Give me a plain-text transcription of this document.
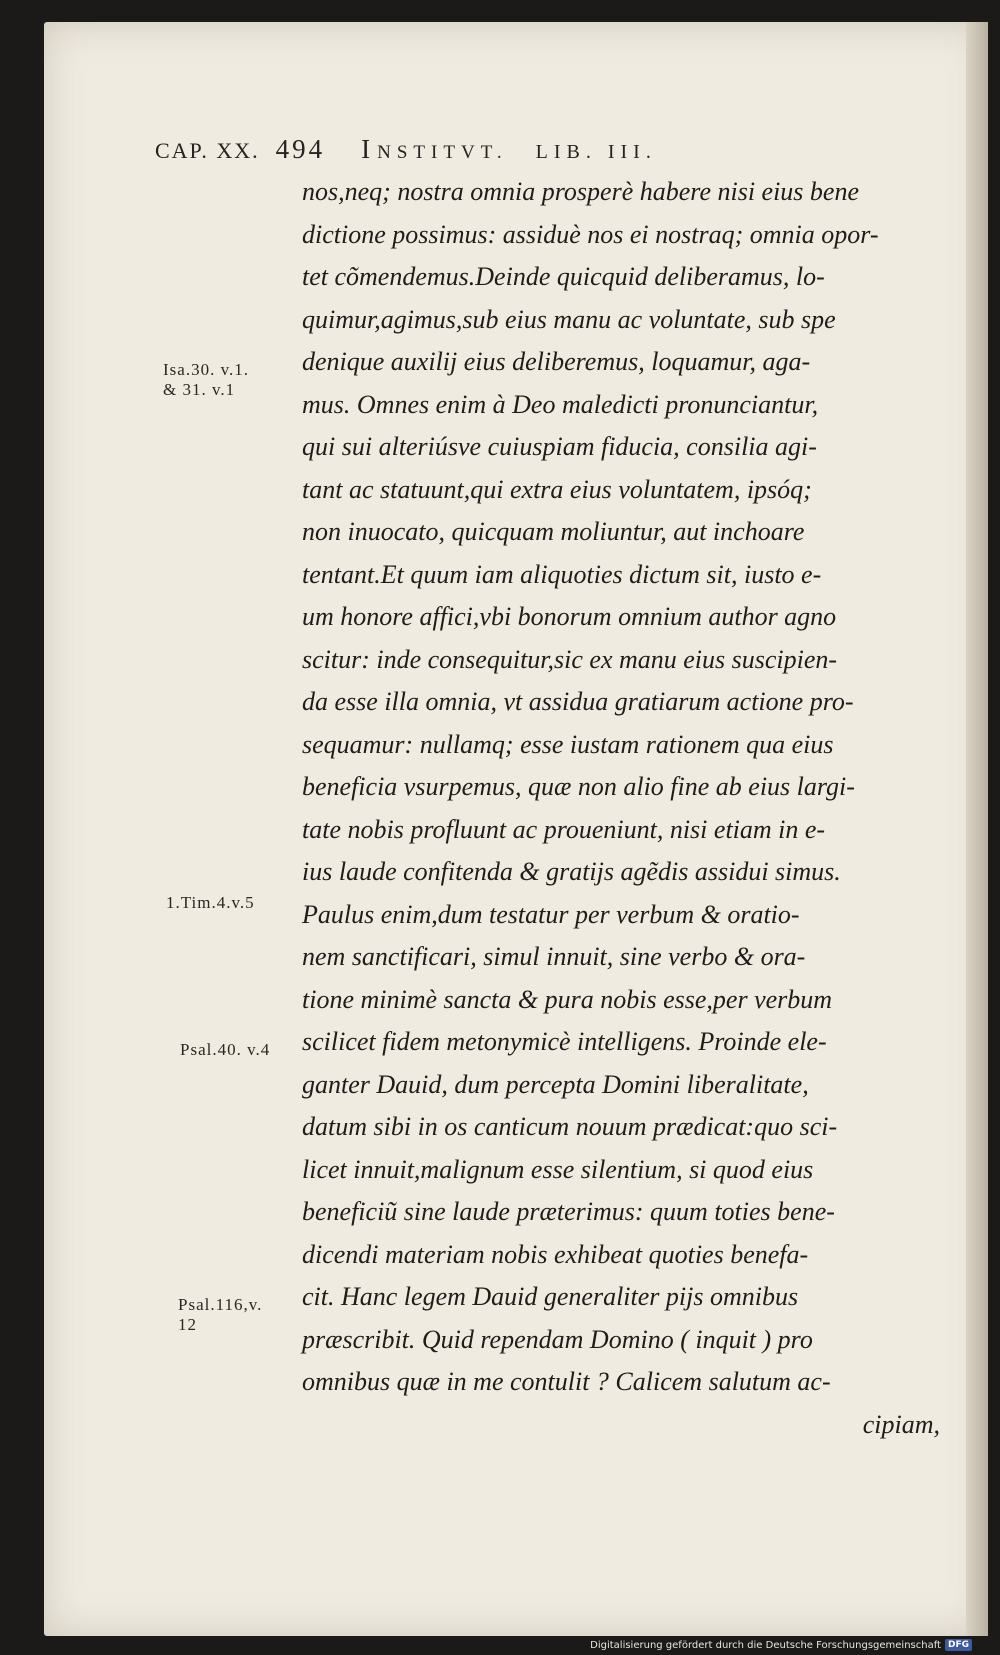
CAP. XX. 494 INSTITVT. LIB. III.
nos,neq; nostra omnia prosperè habere nisi eius bene
dictione possimus: assiduè nos ei nostraq; omnia opor-
tet cõmendemus.Deinde quicquid deliberamus, lo-
quimur,agimus,sub eius manu ac voluntate, sub spe
denique auxilij eius deliberemus, loquamur, aga-
mus. Omnes enim à Deo maledicti pronunciantur,
qui sui alteriúsve cuiuspiam fiducia, consilia agi-
tant ac statuunt,qui extra eius voluntatem, ipsóq;
non inuocato, quicquam moliuntur, aut inchoare
tentant.Et quum iam aliquoties dictum sit, iusto e-
um honore affici,vbi bonorum omnium author agno
scitur: inde consequitur,sic ex manu eius suscipien-
da esse illa omnia, vt assidua gratiarum actione pro-
sequamur: nullamq; esse iustam rationem qua eius
beneficia vsurpemus, quæ non alio fine ab eius largi-
tate nobis profluunt ac proueniunt, nisi etiam in e-
ius laude confitenda & gratijs agẽdis assidui simus.
Paulus enim,dum testatur per verbum & oratio-
nem sanctificari, simul innuit, sine verbo & ora-
tione minimè sancta & pura nobis esse,per verbum
scilicet fidem metonymicè intelligens. Proinde ele-
ganter Dauid, dum percepta Domini liberalitate,
datum sibi in os canticum nouum prædicat:quo sci-
licet innuit,malignum esse silentium, si quod eius
beneficiũ sine laude præterimus: quum toties bene-
dicendi materiam nobis exhibeat quoties benefa-
cit. Hanc legem Dauid generaliter pijs omnibus
præscribit. Quid rependam Domino ( inquit ) pro
omnibus quæ in me contulit ? Calicem salutum ac-
cipiam,
Isa.30. v.1.
& 31. v.1
1.Tim.4.v.5
Psal.40. v.4
Psal.116,v.
12
Digitalisierung gefördert durch die Deutsche Forschungsgemeinschaft DFG
